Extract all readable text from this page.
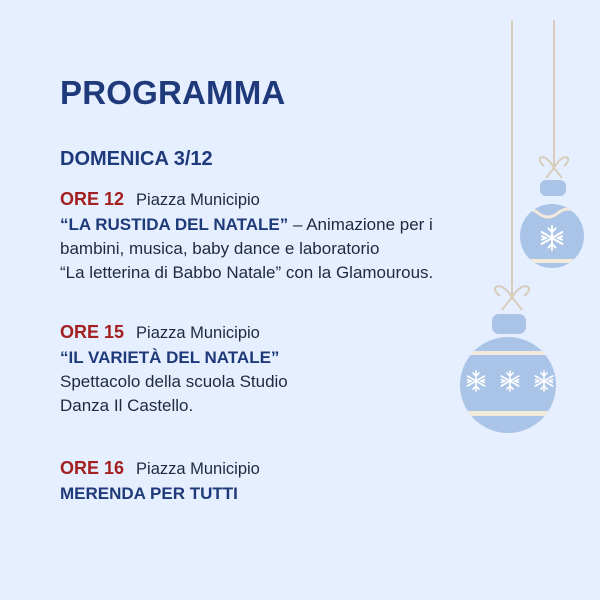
PROGRAMMA
DOMENICA 3/12
ORE 12 Piazza Municipio
“LA RUSTIDA DEL NATALE” – Animazione per i
bambini, musica, baby dance e laboratorio
“La letterina di Babbo Natale” con la Glamourous.
ORE 15 Piazza Municipio
“IL VARIETÀ DEL NATALE”
Spettacolo della scuola Studio
Danza Il Castello.
ORE 16 Piazza Municipio
MERENDA PER TUTTI
